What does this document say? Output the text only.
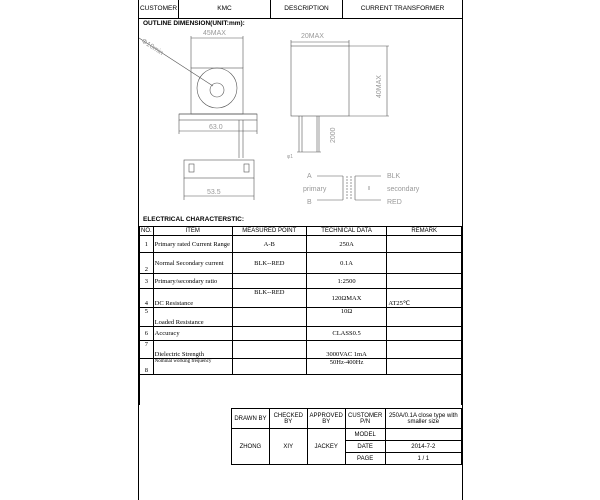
CUSTOMER	KMC	DESCRIPTION	CURRENT TRANSFORMER
OUTLINE DIMENSION(UNIT:mm):
45MAX	20MAX
Φ10min
40MAX
63.0	2000
53.5
φ1
A
primary
B
BLK
secondary
RED
ELECTRICAL CHARACTERSTIC:
NO.	ITEM	MEASURED POINT	TECHNICAL DATA	REMARK
1	Primary rated Current Range	A-B	250A	
2	Normal Secondary current	BLK--RED	0.1A	
3	Primary/secondary ratio		1:2500	
4	DC Resistance	BLK--RED	120ΩMAX	AT25℃
5	Loaded Resistance		10Ω	
6	Accuracy		CLASS0.5	
7	Dielectric Strength		3000VAC 1mA	
8	Nominal working frequency		50Hz-400Hz	

DRAWN BY	CHECKED BY	APPROVED BY	CUSTOMER P/N	250A/0.1A close type with smaller size
ZHONG	XIY	JACKEY	MODEL	
			DATE	2014-7-2
			PAGE	1 / 1
